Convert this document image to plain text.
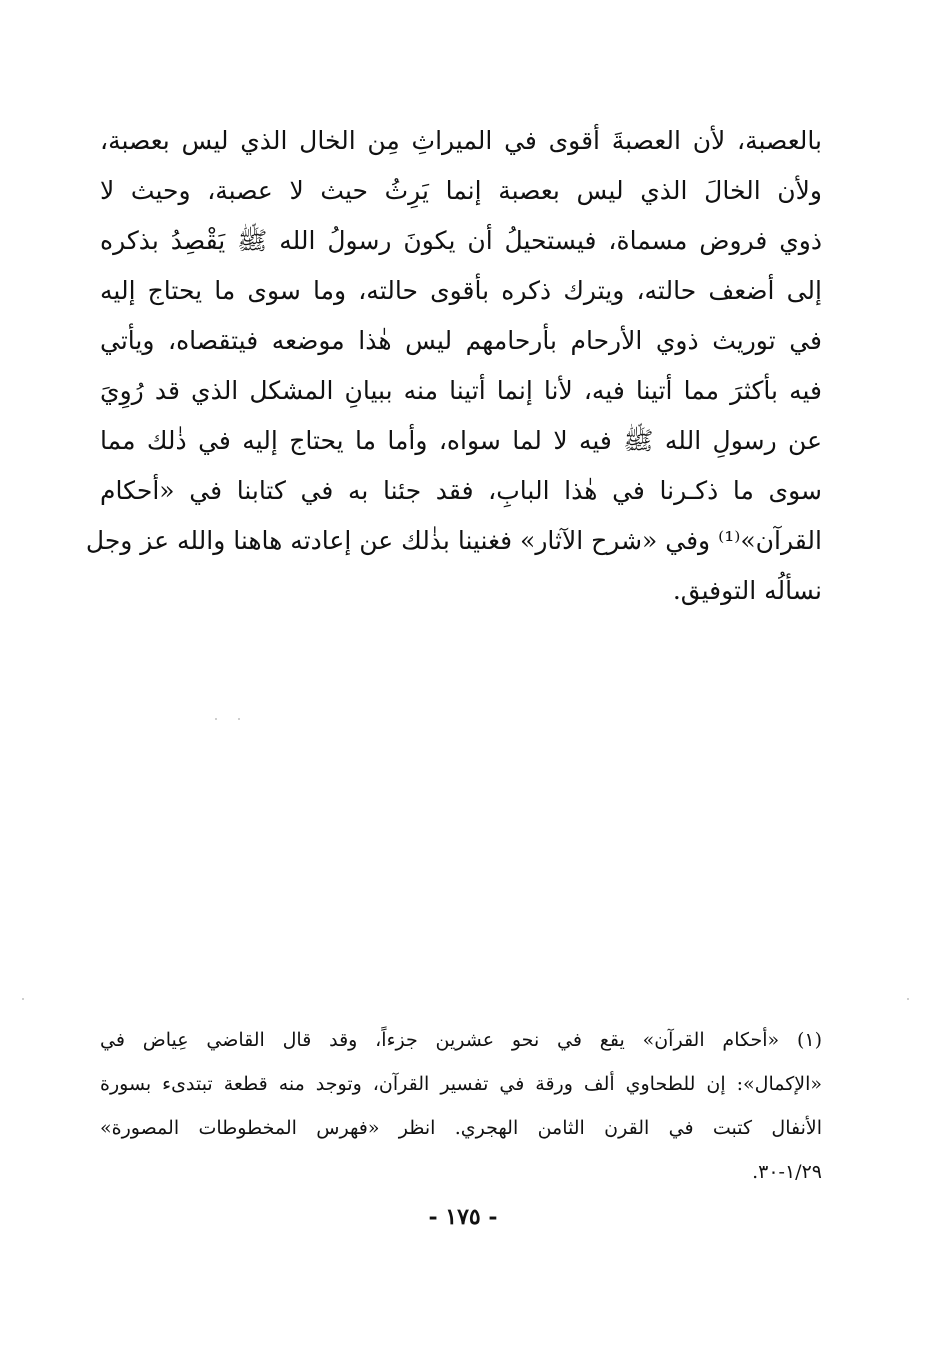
بالعصبة، لأن العصبةَ أقوى في الميراثِ مِن الخال الذي ليس بعصبة،
ولأن الخالَ الذي ليس بعصبة إنما يَرِثُ حيث لا عصبة، وحيث لا
ذوي فروض مسماة، فيستحيلُ أن يكونَ رسولُ الله ﷺ يَقْصِدُ بذكره
إلى أضعف حالته، ويترك ذكره بأقوى حالته، وما سوى ما يحتاج إليه
في توريث ذوي الأرحام بأرحامهم ليس هٰذا موضعه فيتقصاه، ويأتي
فيه بأكثرَ مما أتينا فيه، لأنا إنما أتينا منه ببيانِ المشكل الذي قد رُوِيَ
عن رسولِ الله ﷺ فيه لا لما سواه، وأما ما يحتاج إليه في ذٰلك مما
سوى ما ذكـرنا في هٰذا البابِ، فقد جئنا به في كتابنا في «أحكام
القرآن»⁽¹⁾ وفي «شرح الآثار» فغنينا بذٰلك عن إعادته هاهنا والله عز وجل
نسألُه التوفيق.
(١) «أحكام القرآن» يقع في نحو عشرين جزءاً، وقد قال القاضي عِياض في
«الإكمال»: إن للطحاوي ألف ورقة في تفسير القرآن، وتوجد منه قطعة تبتدىء بسورة
الأنفال كتبت في القرن الثامن الهجري. انظر «فهرس المخطوطات المصورة»
١/٢٩-٣٠.
- ١٧٥ -
